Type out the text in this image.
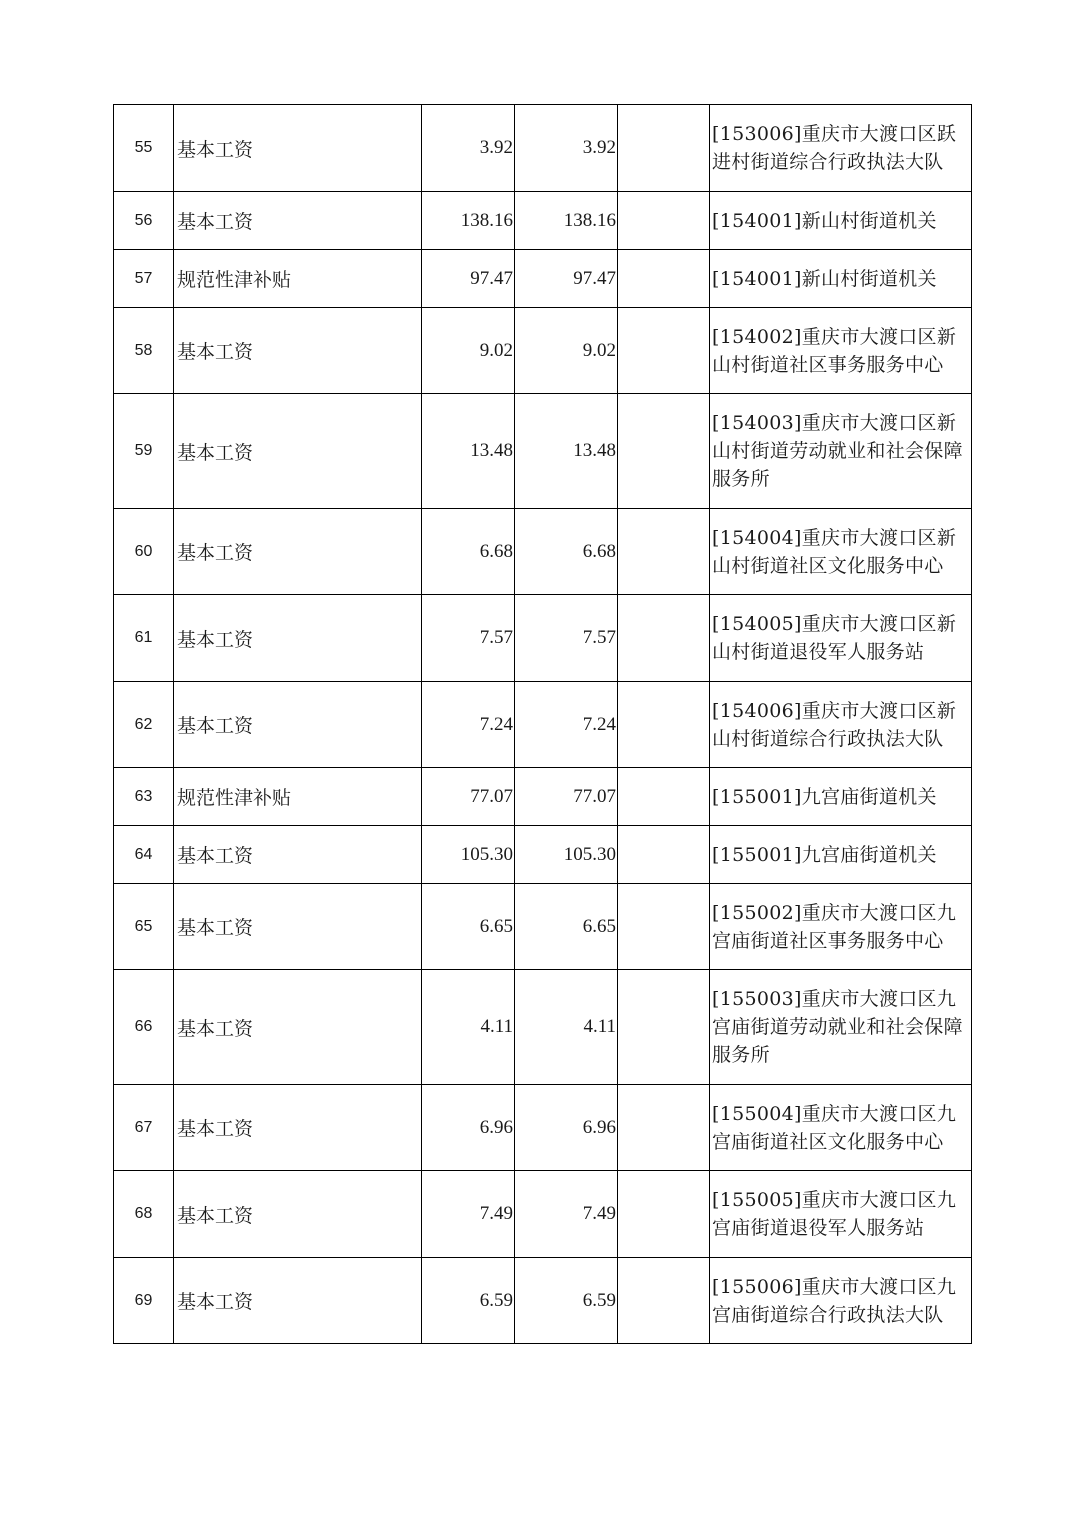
55	基本工资	3.92	3.92		[153006]重庆市大渡口区跃进村街道综合行政执法大队
56	基本工资	138.16	138.16		[154001]新山村街道机关
57	规范性津补贴	97.47	97.47		[154001]新山村街道机关
58	基本工资	9.02	9.02		[154002]重庆市大渡口区新山村街道社区事务服务中心
59	基本工资	13.48	13.48		[154003]重庆市大渡口区新山村街道劳动就业和社会保障服务所
60	基本工资	6.68	6.68		[154004]重庆市大渡口区新山村街道社区文化服务中心
61	基本工资	7.57	7.57		[154005]重庆市大渡口区新山村街道退役军人服务站
62	基本工资	7.24	7.24		[154006]重庆市大渡口区新山村街道综合行政执法大队
63	规范性津补贴	77.07	77.07		[155001]九宫庙街道机关
64	基本工资	105.30	105.30		[155001]九宫庙街道机关
65	基本工资	6.65	6.65		[155002]重庆市大渡口区九宫庙街道社区事务服务中心
66	基本工资	4.11	4.11		[155003]重庆市大渡口区九宫庙街道劳动就业和社会保障服务所
67	基本工资	6.96	6.96		[155004]重庆市大渡口区九宫庙街道社区文化服务中心
68	基本工资	7.49	7.49		[155005]重庆市大渡口区九宫庙街道退役军人服务站
69	基本工资	6.59	6.59		[155006]重庆市大渡口区九宫庙街道综合行政执法大队
